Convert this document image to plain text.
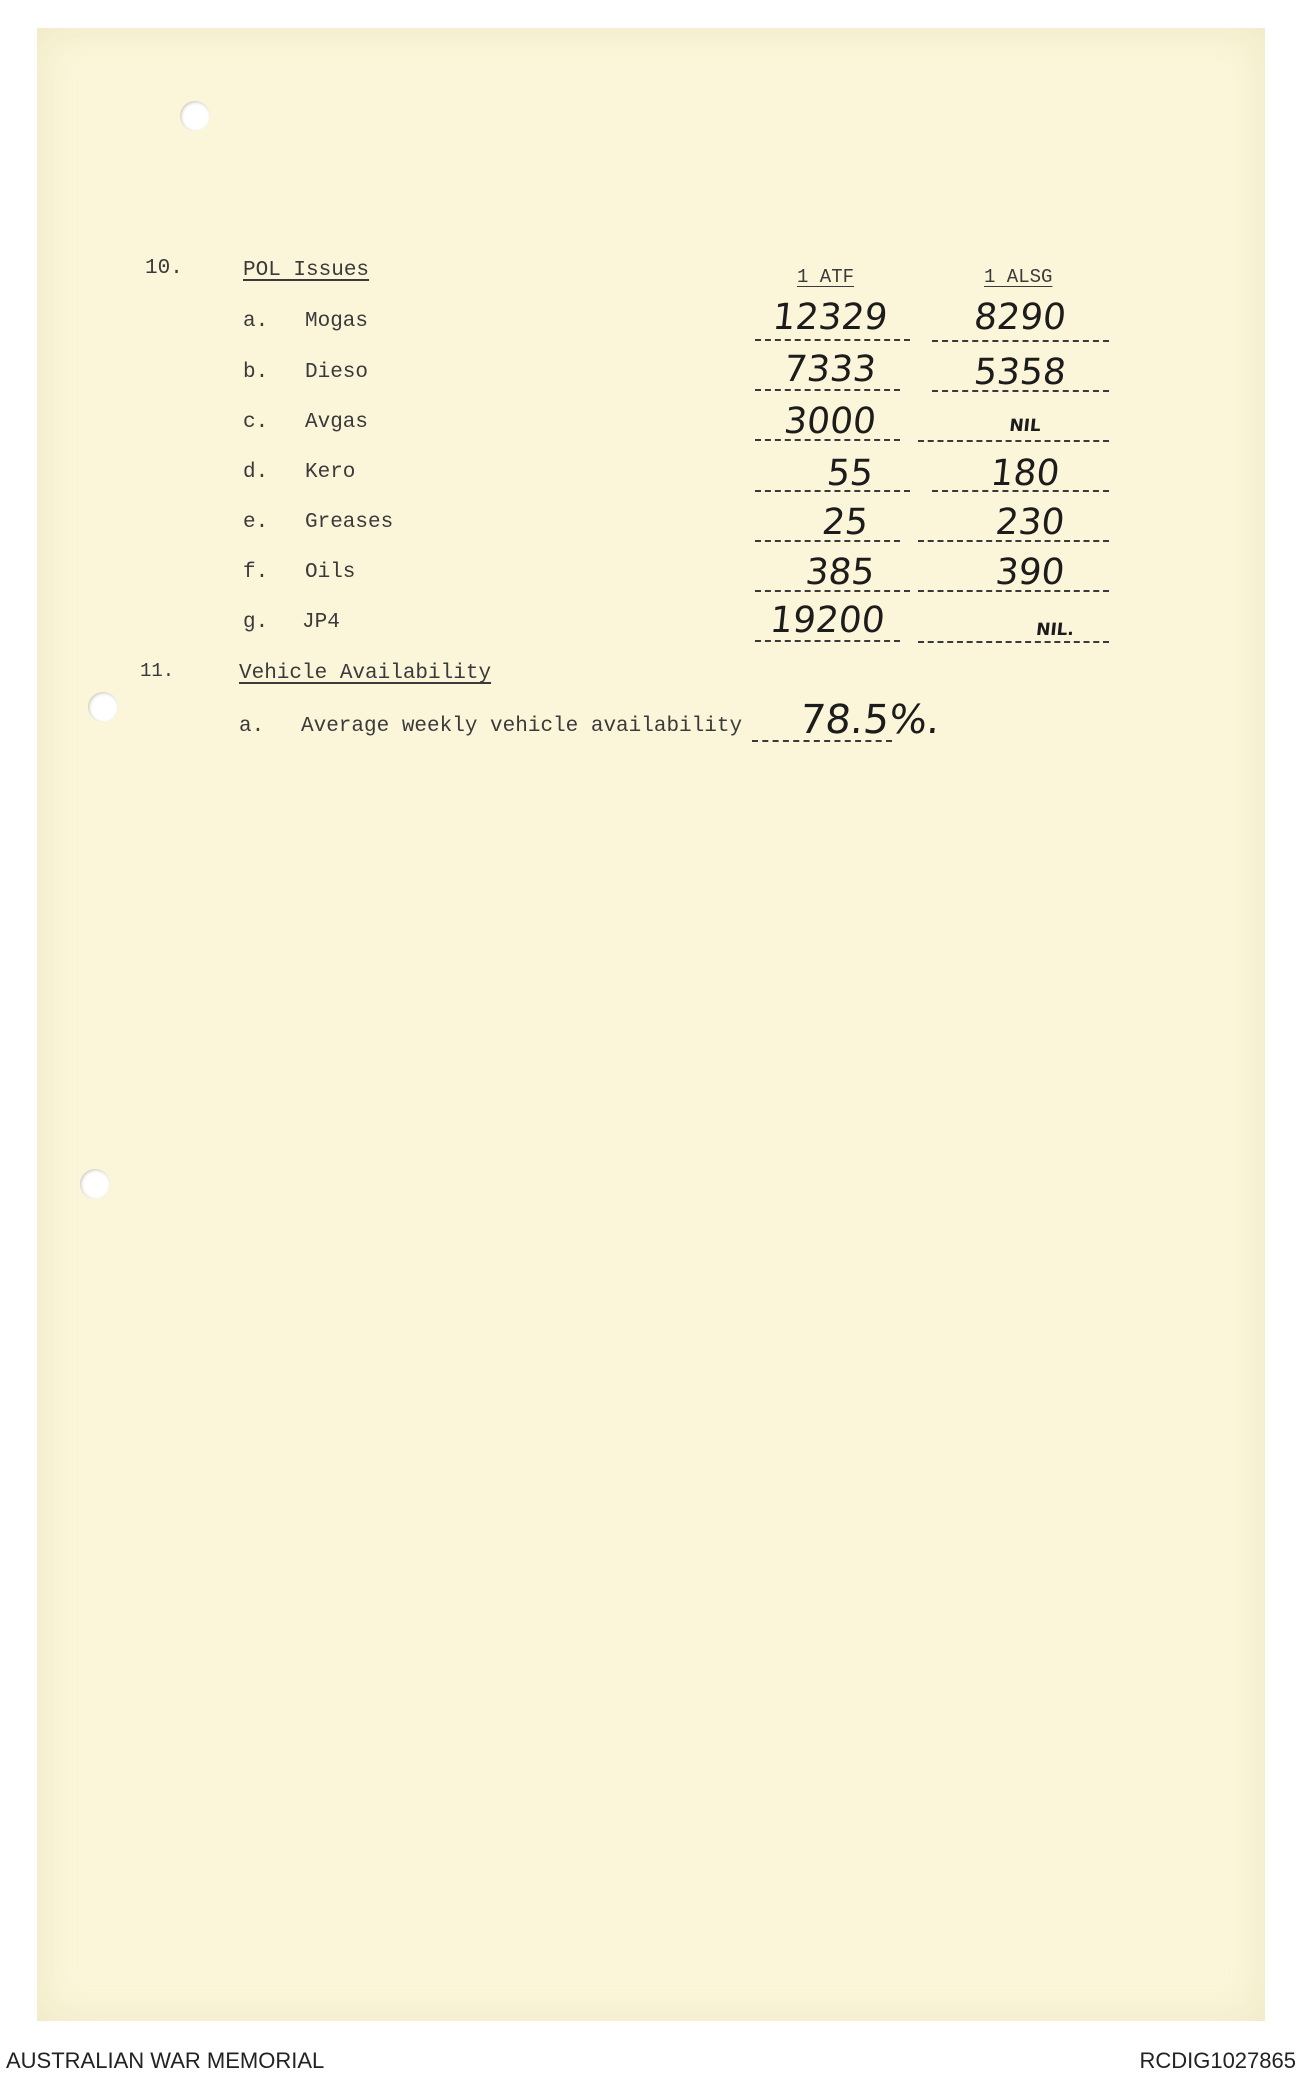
10.	POL Issues	1 ATF	1 ALSG
a. Mogas	12329	8290
b. Dieso	7333	5358
c. Avgas	3000	NIL
d. Kero	55	180
e. Greases	25	230
f. Oils	385	390
g. JP4	19200	NIL.
11.	Vehicle Availability
a. Average weekly vehicle availability 78.5%.
AUSTRALIAN WAR MEMORIAL	RCDIG1027865
